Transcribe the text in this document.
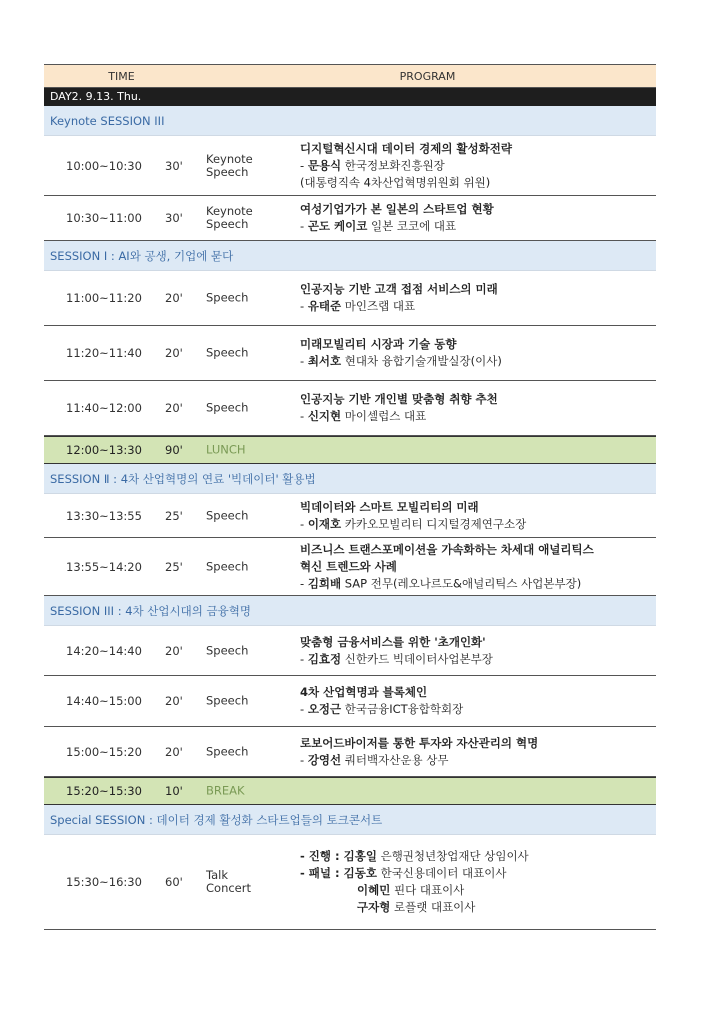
TIME	PROGRAM
DAY2. 9.13. Thu.
Keynote SESSION III
10:00~10:30 30' Keynote
Speech
디지털혁신시대 데이터 경제의 활성화전략
- 문용식 한국정보화진흥원장
(대통령직속 4차산업혁명위원회 위원)
10:30~11:00 30' Keynote
Speech
여성기업가가 본 일본의 스타트업 현황
- 곤도 케이코 일본 코코에 대표
SESSION I : AI와 공생, 기업에 묻다
11:00~11:20 20' Speech
인공지능 기반 고객 접점 서비스의 미래
- 유태준 마인즈랩 대표
11:20~11:40 20' Speech
미래모빌리티 시장과 기술 동향
- 최서호 현대차 융합기술개발실장(이사)
11:40~12:00 20' Speech
인공지능 기반 개인별 맞춤형 취향 추천
- 신지현 마이셀럽스 대표
12:00~13:30 90' LUNCH
SESSION Ⅱ : 4차 산업혁명의 연료 '빅데이터' 활용법
13:30~13:55 25' Speech
빅데이터와 스마트 모빌리티의 미래
- 이재호 카카오모빌리티 디지털경제연구소장
13:55~14:20 25' Speech
비즈니스 트랜스포메이션을 가속화하는 차세대 애널리틱스
혁신 트렌드와 사례
- 김희배 SAP 전무(레오나르도&애널리틱스 사업본부장)
SESSION III : 4차 산업시대의 금융혁명
14:20~14:40 20' Speech
맞춤형 금융서비스를 위한 '초개인화'
- 김효정 신한카드 빅데이터사업본부장
14:40~15:00 20' Speech
4차 산업혁명과 블록체인
- 오정근 한국금융ICT융합학회장
15:00~15:20 20' Speech
로보어드바이저를 통한 투자와 자산관리의 혁명
- 강영선 쿼터백자산운용 상무
15:20~15:30 10' BREAK
Special SESSION : 데이터 경제 활성화 스타트업들의 토크콘서트
15:30~16:30 60' Talk
Concert
- 진행 : 김홍일 은행권청년창업재단 상임이사
- 패널 : 김동호 한국신용데이터 대표이사
이혜민 핀다 대표이사
구자형 로플랫 대표이사
